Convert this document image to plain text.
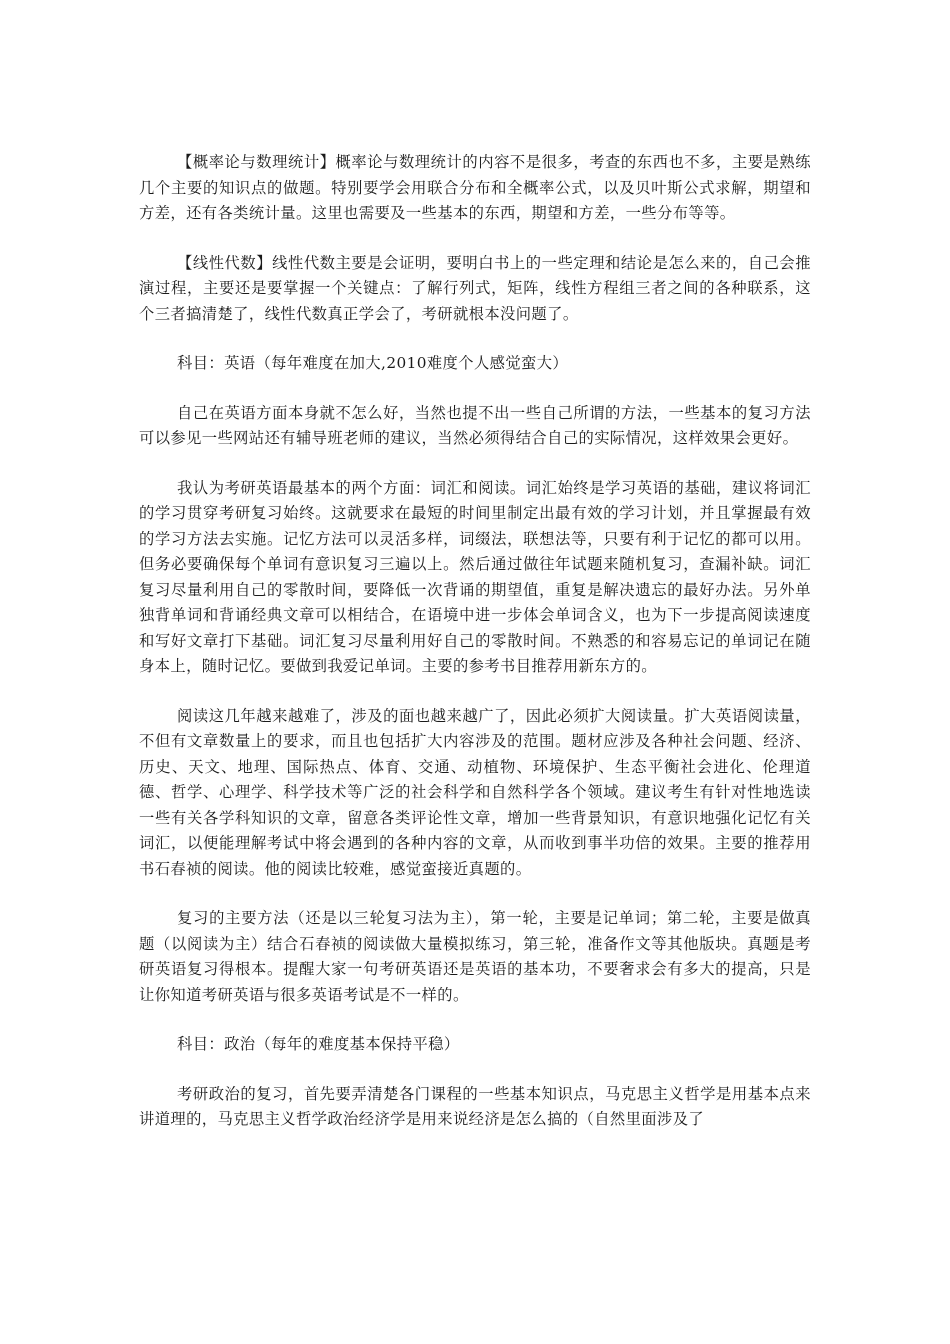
【概率论与数理统计】概率论与数理统计的内容不是很多，考查的东西也不多，主要是熟练几个主要的知识点的做题。特别要学会用联合分布和全概率公式，以及贝叶斯公式求解，期望和方差，还有各类统计量。这里也需要及一些基本的东西，期望和方差，一些分布等等。

【线性代数】线性代数主要是会证明，要明白书上的一些定理和结论是怎么来的，自己会推演过程，主要还是要掌握一个关键点：了解行列式，矩阵，线性方程组三者之间的各种联系，这个三者搞清楚了，线性代数真正学会了，考研就根本没问题了。

科目：英语（每年难度在加大,2010难度个人感觉蛮大）

自己在英语方面本身就不怎么好，当然也提不出一些自己所谓的方法，一些基本的复习方法可以参见一些网站还有辅导班老师的建议，当然必须得结合自己的实际情况，这样效果会更好。

我认为考研英语最基本的两个方面：词汇和阅读。词汇始终是学习英语的基础，建议将词汇的学习贯穿考研复习始终。这就要求在最短的时间里制定出最有效的学习计划，并且掌握最有效的学习方法去实施。记忆方法可以灵活多样，词缀法，联想法等，只要有利于记忆的都可以用。但务必要确保每个单词有意识复习三遍以上。然后通过做往年试题来随机复习，查漏补缺。词汇复习尽量利用自己的零散时间，要降低一次背诵的期望值，重复是解决遗忘的最好办法。另外单独背单词和背诵经典文章可以相结合，在语境中进一步体会单词含义，也为下一步提高阅读速度和写好文章打下基础。词汇复习尽量利用好自己的零散时间。不熟悉的和容易忘记的单词记在随身本上，随时记忆。要做到我爱记单词。主要的参考书目推荐用新东方的。

阅读这几年越来越难了，涉及的面也越来越广了，因此必须扩大阅读量。扩大英语阅读量，不但有文章数量上的要求，而且也包括扩大内容涉及的范围。题材应涉及各种社会问题、经济、历史、天文、地理、国际热点、体育、交通、动植物、环境保护、生态平衡社会进化、伦理道德、哲学、心理学、科学技术等广泛的社会科学和自然科学各个领域。建议考生有针对性地选读一些有关各学科知识的文章，留意各类评论性文章，增加一些背景知识，有意识地强化记忆有关词汇，以便能理解考试中将会遇到的各种内容的文章，从而收到事半功倍的效果。主要的推荐用书石春祯的阅读。他的阅读比较难，感觉蛮接近真题的。

复习的主要方法（还是以三轮复习法为主），第一轮，主要是记单词；第二轮，主要是做真题（以阅读为主）结合石春祯的阅读做大量模拟练习，第三轮，准备作文等其他版块。真题是考研英语复习得根本。提醒大家一句考研英语还是英语的基本功，不要奢求会有多大的提高，只是让你知道考研英语与很多英语考试是不一样的。

科目：政治（每年的难度基本保持平稳）

考研政治的复习，首先要弄清楚各门课程的一些基本知识点，马克思主义哲学是用基本点来讲道理的，马克思主义哲学政治经济学是用来说经济是怎么搞的（自然里面涉及了
